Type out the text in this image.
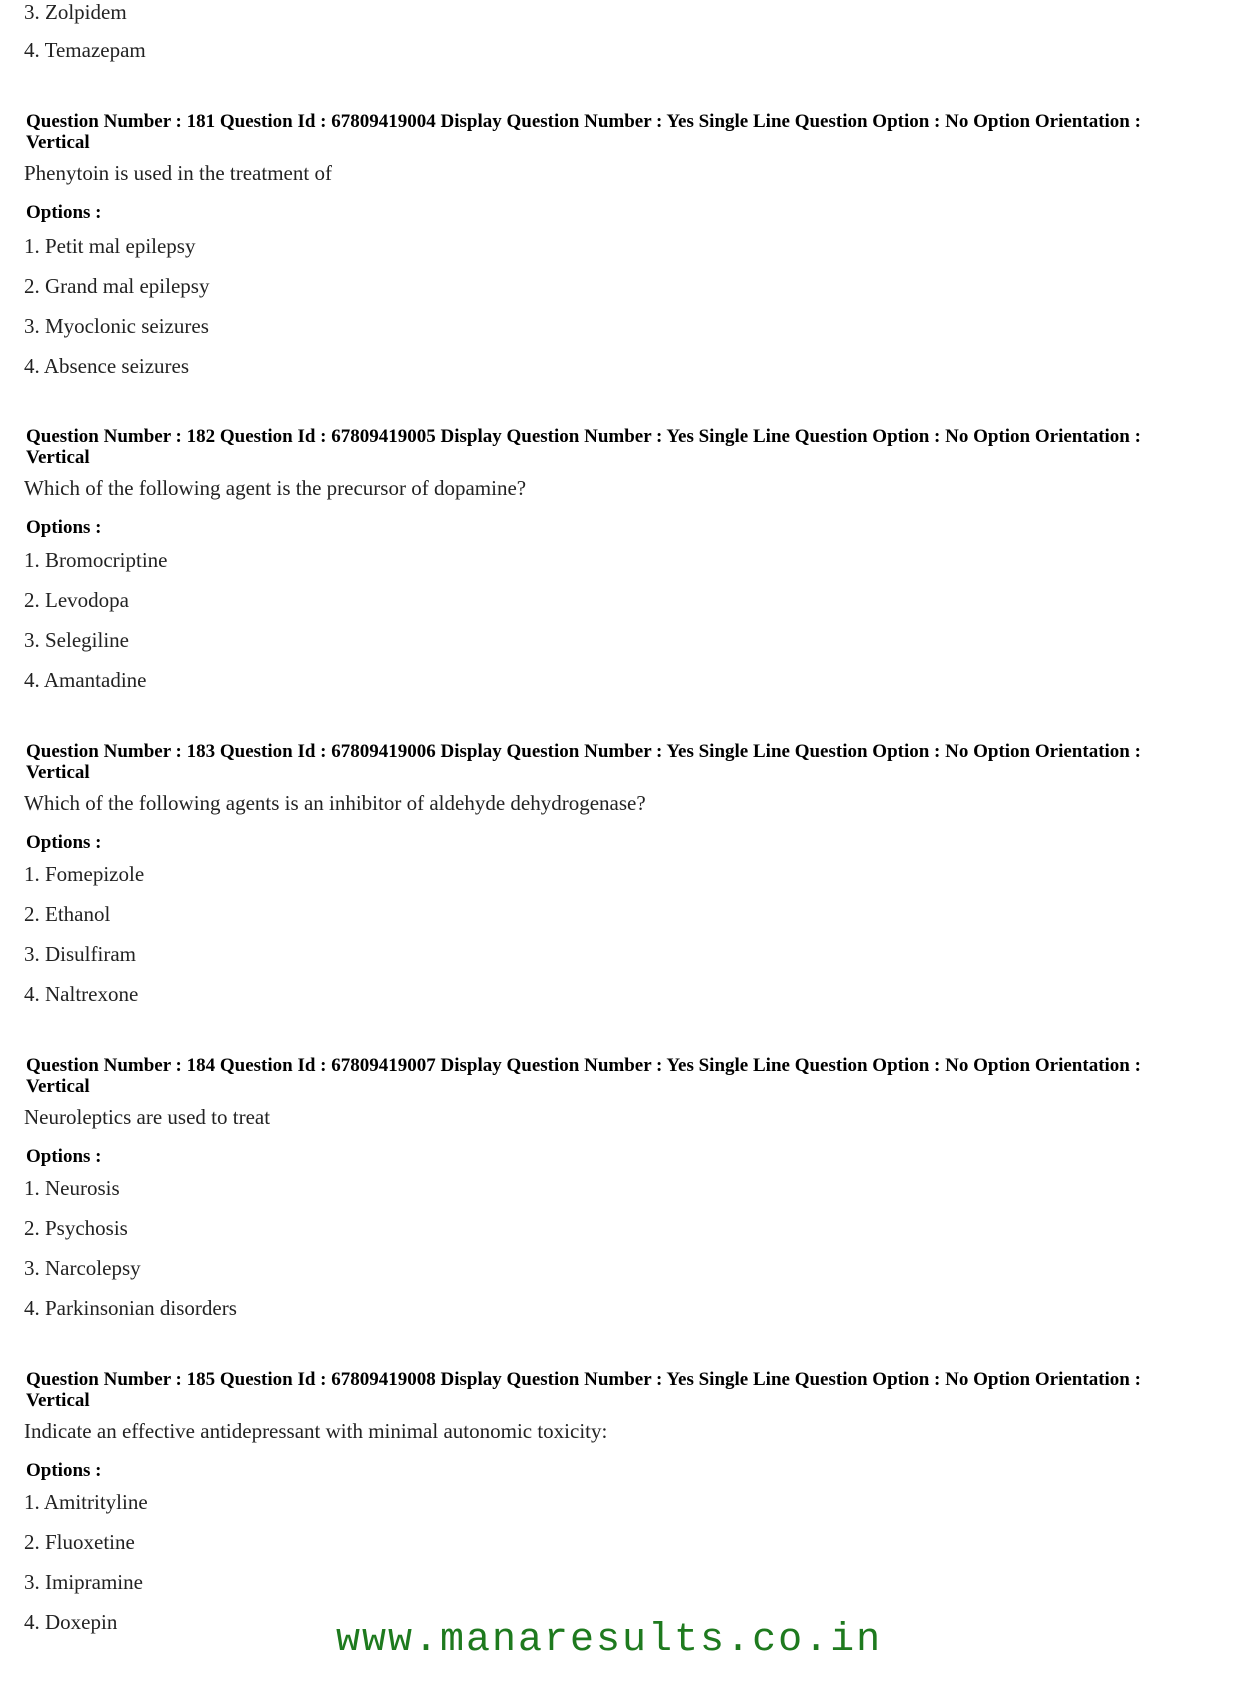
3. Zolpidem
4. Temazepam
Question Number : 181 Question Id : 67809419004 Display Question Number : Yes Single Line Question Option : No Option Orientation : Vertical
Phenytoin is used in the treatment of
Options :
1. Petit mal epilepsy
2. Grand mal epilepsy
3. Myoclonic seizures
4. Absence seizures
Question Number : 182 Question Id : 67809419005 Display Question Number : Yes Single Line Question Option : No Option Orientation : Vertical
Which of the following agent is the precursor of dopamine?
Options :
1. Bromocriptine
2. Levodopa
3. Selegiline
4. Amantadine
Question Number : 183 Question Id : 67809419006 Display Question Number : Yes Single Line Question Option : No Option Orientation : Vertical
Which of the following agents is an inhibitor of aldehyde dehydrogenase?
Options :
1. Fomepizole
2. Ethanol
3. Disulfiram
4. Naltrexone
Question Number : 184 Question Id : 67809419007 Display Question Number : Yes Single Line Question Option : No Option Orientation : Vertical
Neuroleptics are used to treat
Options :
1. Neurosis
2. Psychosis
3. Narcolepsy
4. Parkinsonian disorders
Question Number : 185 Question Id : 67809419008 Display Question Number : Yes Single Line Question Option : No Option Orientation : Vertical
Indicate an effective antidepressant with minimal autonomic toxicity:
Options :
1. Amitrityline
2. Fluoxetine
3. Imipramine
4. Doxepin	www.manaresults.co.in
